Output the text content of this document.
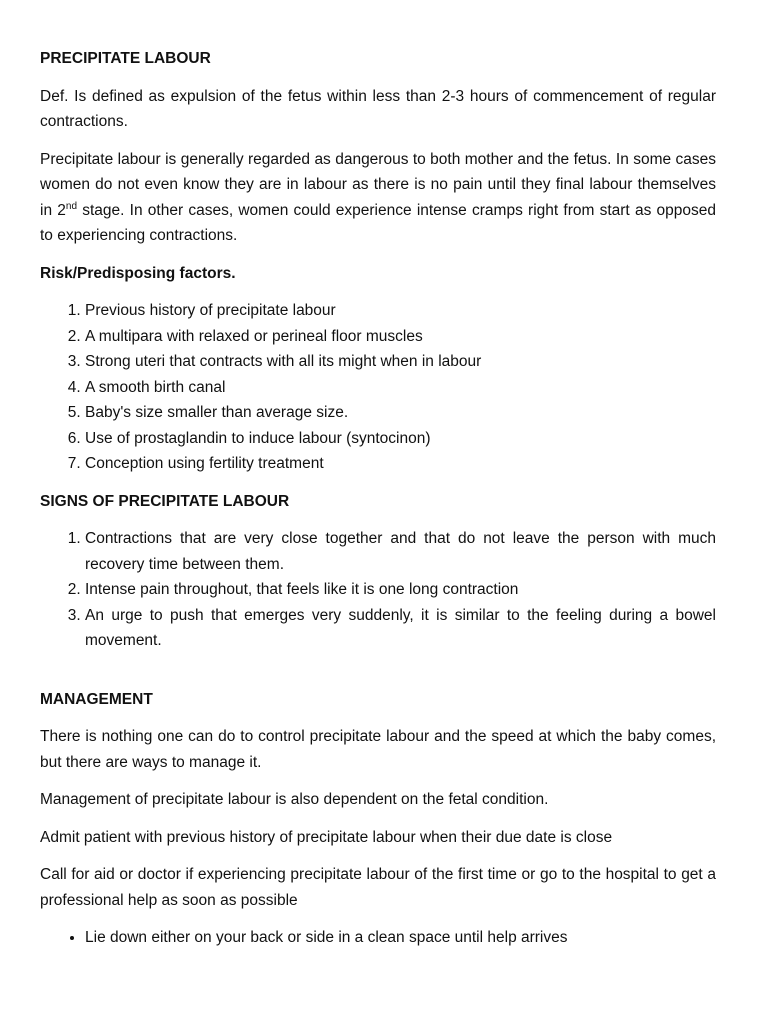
PRECIPITATE LABOUR

Def. Is defined as expulsion of the fetus within less than 2-3 hours of commencement of regular contractions.

Precipitate labour is generally regarded as dangerous to both mother and the fetus. In some cases women do not even know they are in labour as there is no pain until they final labour themselves in 2nd stage. In other cases, women could experience intense cramps right from start as opposed to experiencing contractions.

Risk/Predisposing factors.
1. Previous history of precipitate labour
2. A multipara with relaxed or perineal floor muscles
3. Strong uteri that contracts with all its might when in labour
4. A smooth birth canal
5. Baby's size smaller than average size.
6. Use of prostaglandin to induce labour (syntocinon)
7. Conception using fertility treatment
SIGNS OF PRECIPITATE LABOUR
1. Contractions that are very close together and that do not leave the person with much recovery time between them.
2. Intense pain throughout, that feels like it is one long contraction
3. An urge to push that emerges very suddenly, it is similar to the feeling during a bowel movement.
MANAGEMENT

There is nothing one can do to control precipitate labour and the speed at which the baby comes, but there are ways to manage it.

Management of precipitate labour is also dependent on the fetal condition.

Admit patient with previous history of precipitate labour when their due date is close

Call for aid or doctor if experiencing precipitate labour of the first time or go to the hospital to get a professional help as soon as possible

• Lie down either on your back or side in a clean space until help arrives
